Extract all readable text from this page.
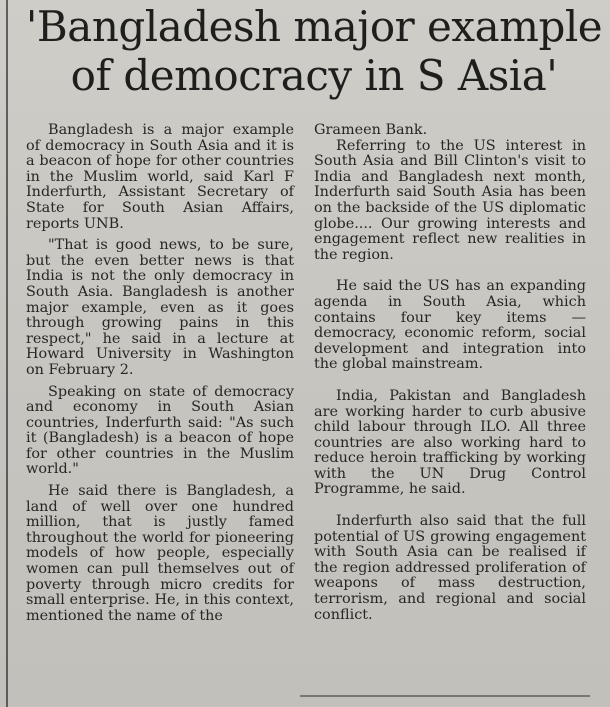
'Bangladesh major example
of democracy in S Asia'

Bangladesh is a major example of democracy in South Asia and it is a beacon of hope for other countries in the Muslim world, said Karl F Inderfurth, Assistant Secretary of State for South Asian Affairs, reports UNB.

"That is good news, to be sure, but the even better news is that India is not the only democracy in South Asia. Bangladesh is another major example, even as it goes through growing pains in this respect," he said in a lecture at Howard University in Washington on February 2.

Speaking on state of democracy and economy in South Asian countries, Inderfurth said: "As such it (Bangladesh) is a beacon of hope for other countries in the Muslim world."

He said there is Bangladesh, a land of well over one hundred million, that is justly famed throughout the world for pioneering models of how people, especially women can pull themselves out of poverty through micro credits for small enterprise. He, in this context, mentioned the name of the

Grameen Bank.

Referring to the US interest in South Asia and Bill Clinton's visit to India and Bangladesh next month, Inderfurth said South Asia has been on the backside of the US diplomatic globe.... Our growing interests and engagement reflect new realities in the region.

He said the US has an expanding agenda in South Asia, which contains four key items — democracy, economic reform, social development and integration into the global mainstream.

India, Pakistan and Bangladesh are working harder to curb abusive child labour through ILO. All three countries are also working hard to reduce heroin trafficking by working with the UN Drug Control Programme, he said.

Inderfurth also said that the full potential of US growing engagement with South Asia can be realised if the region addressed proliferation of weapons of mass destruction, terrorism, and regional and social conflict.
